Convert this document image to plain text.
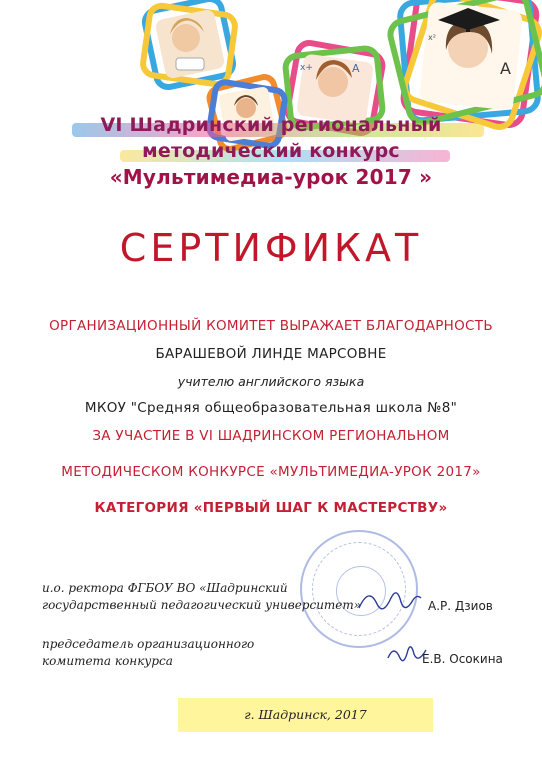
A
x+	A
x²
VI Шадринский региональный
методический конкурс
«Мультимедиа-урок 2017 »
СЕРТИФИКАТ
ОРГАНИЗАЦИОННЫЙ КОМИТЕТ ВЫРАЖАЕТ БЛАГОДАРНОСТЬ
БАРАШЕВОЙ ЛИНДЕ МАРСОВНЕ
учителю английского языка
МКОУ "Средняя общеобразовательная школа №8"
ЗА УЧАСТИЕ В VI ШАДРИНСКОМ РЕГИОНАЛЬНОМ
МЕТОДИЧЕСКОМ КОНКУРСЕ «МУЛЬТИМЕДИА-УРОК 2017»
КАТЕГОРИЯ «ПЕРВЫЙ ШАГ К МАСТЕРСТВУ»
и.о. ректора ФГБОУ ВО «Шадринский
государственный педагогический университет»	А.Р. Дзиов
председатель организационного
комитета конкурса	Е.В. Осокина
г. Шадринск, 2017
